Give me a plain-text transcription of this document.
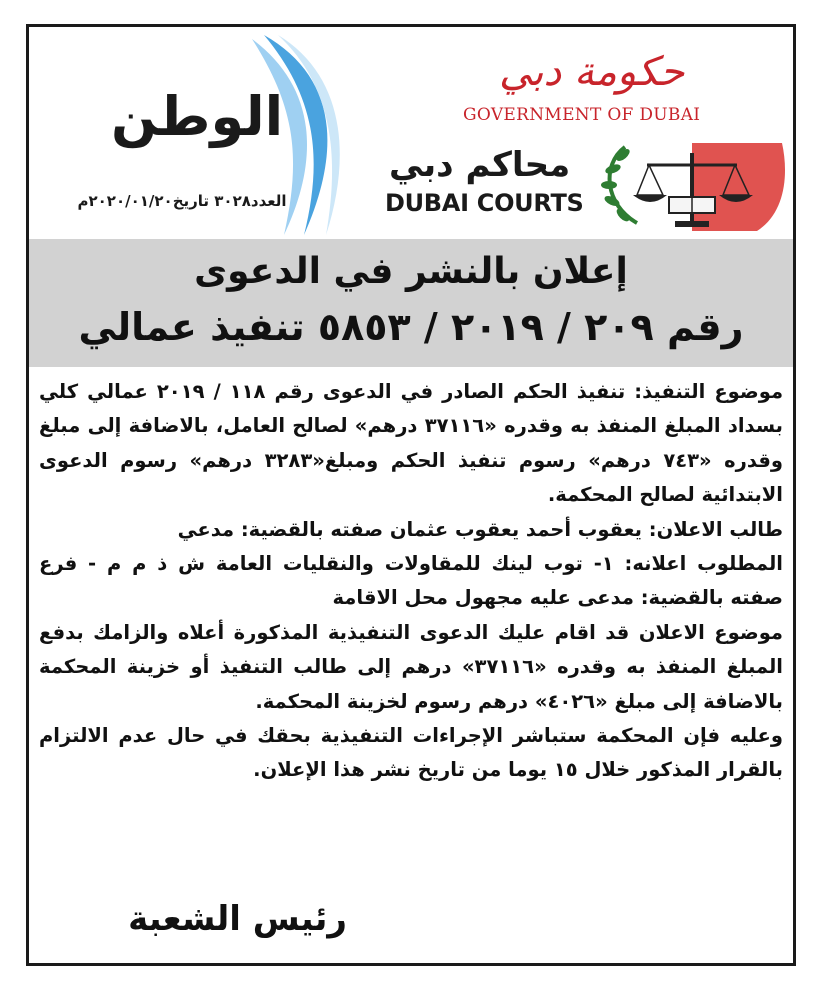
الوطن
العدد٣٠٢٨ تاريخ٢٠٢٠/٠١/٢٠م
حكومة دبي
GOVERNMENT OF DUBAI
محاكم دبي
DUBAI COURTS
إعلان بالنشر في الدعوى
رقم ٢٠٩ / ٢٠١٩ / ٥٨٥٣ تنفيذ عمالي

موضوع التنفيذ: تنفيذ الحكم الصادر في الدعوى رقم ١١٨ / ٢٠١٩ عمالي كلي بسداد المبلغ المنفذ به وقدره «٣٧١١٦ درهم» لصالح العامل، بالاضافة إلى مبلغ وقدره «٧٤٣ درهم» رسوم تنفيذ الحكم ومبلغ«٣٢٨٣ درهم» رسوم الدعوى الابتدائية لصالح المحكمة.

طالب الاعلان: يعقوب أحمد يعقوب عثمان صفته بالقضية: مدعي

المطلوب اعلانه: ١- توب لينك للمقاولات والنقليات العامة ش ذ م م - فرع صفته بالقضية: مدعى عليه مجهول محل الاقامة

موضوع الاعلان قد اقام عليك الدعوى التنفيذية المذكورة أعلاه والزامك بدفع المبلغ المنفذ به وقدره «٣٧١١٦» درهم إلى طالب التنفيذ أو خزينة المحكمة بالاضافة إلى مبلغ «٤٠٢٦» درهم رسوم لخزينة المحكمة.

وعليه فإن المحكمة ستباشر الإجراءات التنفيذية بحقك في حال عدم الالتزام بالقرار المذكور خلال ١٥ يوما من تاريخ نشر هذا الإعلان.

رئيس الشعبة
